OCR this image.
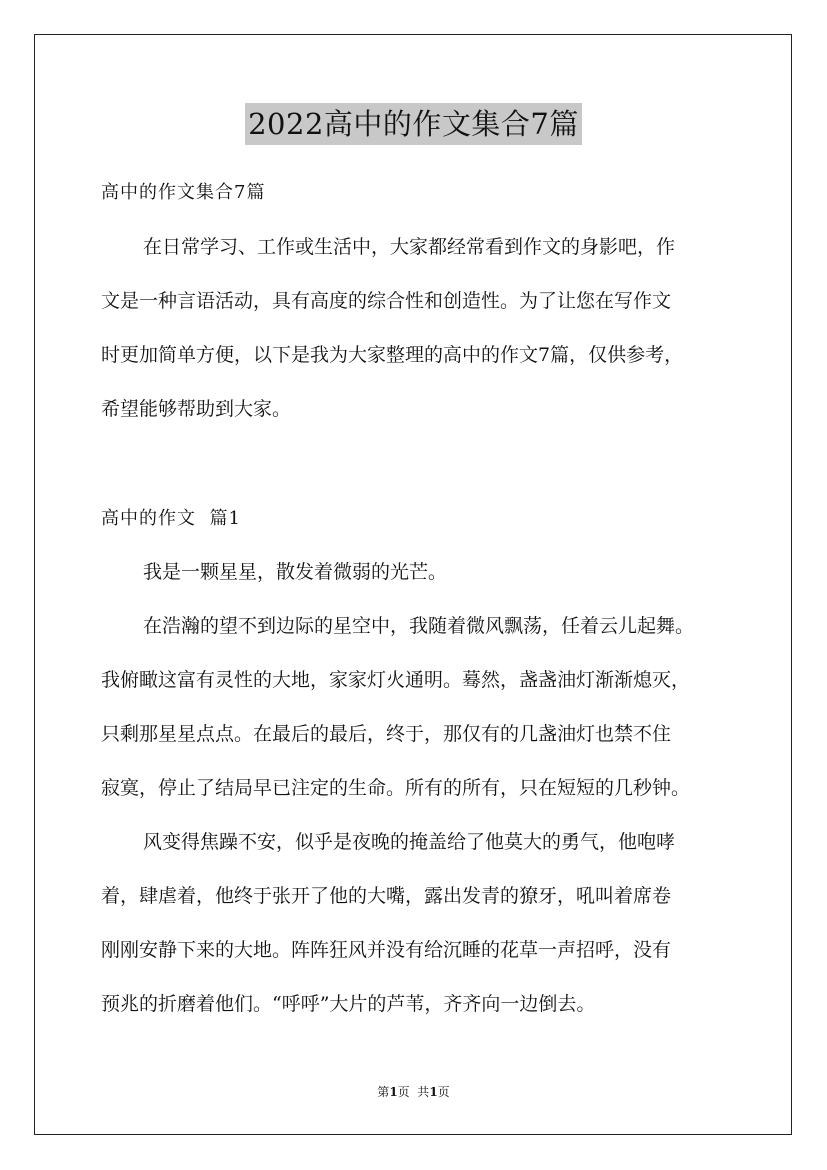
2022高中的作文集合7篇
高中的作文集合7篇
在日常学习、工作或生活中，大家都经常看到作文的身影吧，作
文是一种言语活动，具有高度的综合性和创造性。为了让您在写作文
时更加简单方便，以下是我为大家整理的高中的作文7篇，仅供参考，
希望能够帮助到大家。
高中的作文  篇1
我是一颗星星，散发着微弱的光芒。
在浩瀚的望不到边际的星空中，我随着微风飘荡，任着云儿起舞。
我俯瞰这富有灵性的大地，家家灯火通明。蓦然，盏盏油灯渐渐熄灭，
只剩那星星点点。在最后的最后，终于，那仅有的几盏油灯也禁不住
寂寞，停止了结局早已注定的生命。所有的所有，只在短短的几秒钟。
风变得焦躁不安，似乎是夜晚的掩盖给了他莫大的勇气，他咆哮
着，肆虐着，他终于张开了他的大嘴，露出发青的獠牙，吼叫着席卷
刚刚安静下来的大地。阵阵狂风并没有给沉睡的花草一声招呼，没有
预兆的折磨着他们。“呼呼”大片的芦苇，齐齐向一边倒去。
第1页  共1页
